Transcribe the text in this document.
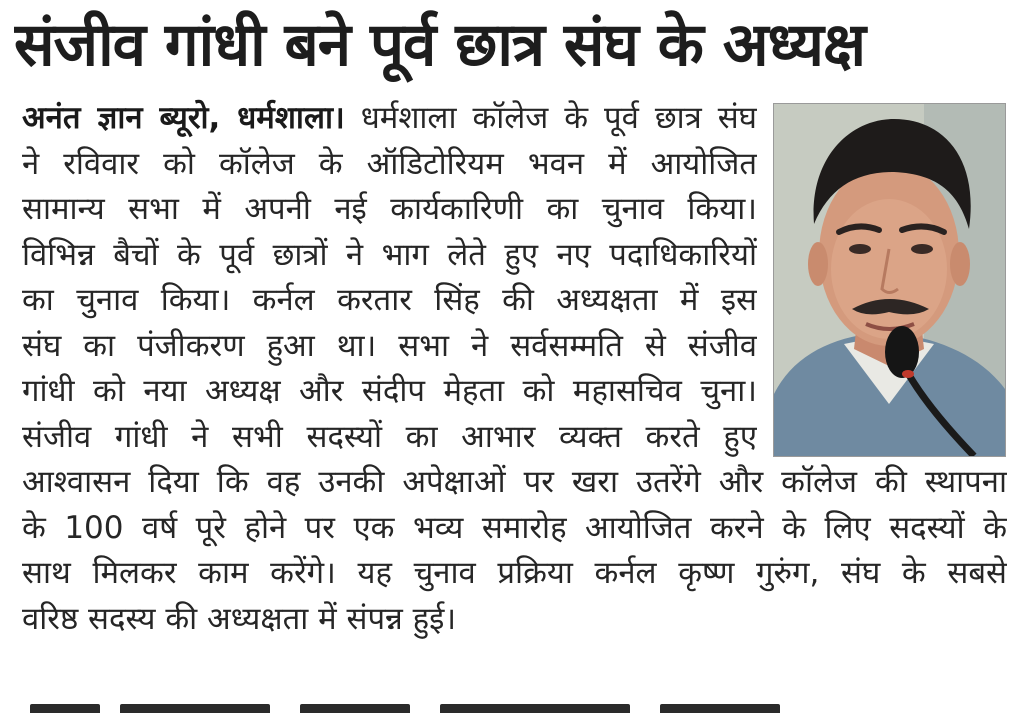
संजीव गांधी बने पूर्व छात्र संघ के अध्यक्ष
अनंत ज्ञान ब्यूरो, धर्मशाला। धर्मशाला कॉलेज के पूर्व छात्र संघ
ने रविवार को कॉलेज के ऑडिटोरियम भवन में आयोजित
सामान्य सभा में अपनी नई कार्यकारिणी का चुनाव किया।
विभिन्न बैचों के पूर्व छात्रों ने भाग लेते हुए नए पदाधिकारियों
का चुनाव किया। कर्नल करतार सिंह की अध्यक्षता में इस
संघ का पंजीकरण हुआ था। सभा ने सर्वसम्मति से संजीव
गांधी को नया अध्यक्ष और संदीप मेहता को महासचिव चुना।
संजीव गांधी ने सभी सदस्यों का आभार व्यक्त करते हुए
आश्वासन दिया कि वह उनकी अपेक्षाओं पर खरा उतरेंगे और कॉलेज की स्थापना
के 100 वर्ष पूरे होने पर एक भव्य समारोह आयोजित करने के लिए सदस्यों के
साथ मिलकर काम करेंगे। यह चुनाव प्रक्रिया कर्नल कृष्ण गुरुंग, संघ के सबसे
वरिष्ठ सदस्य की अध्यक्षता में संपन्न हुई।
